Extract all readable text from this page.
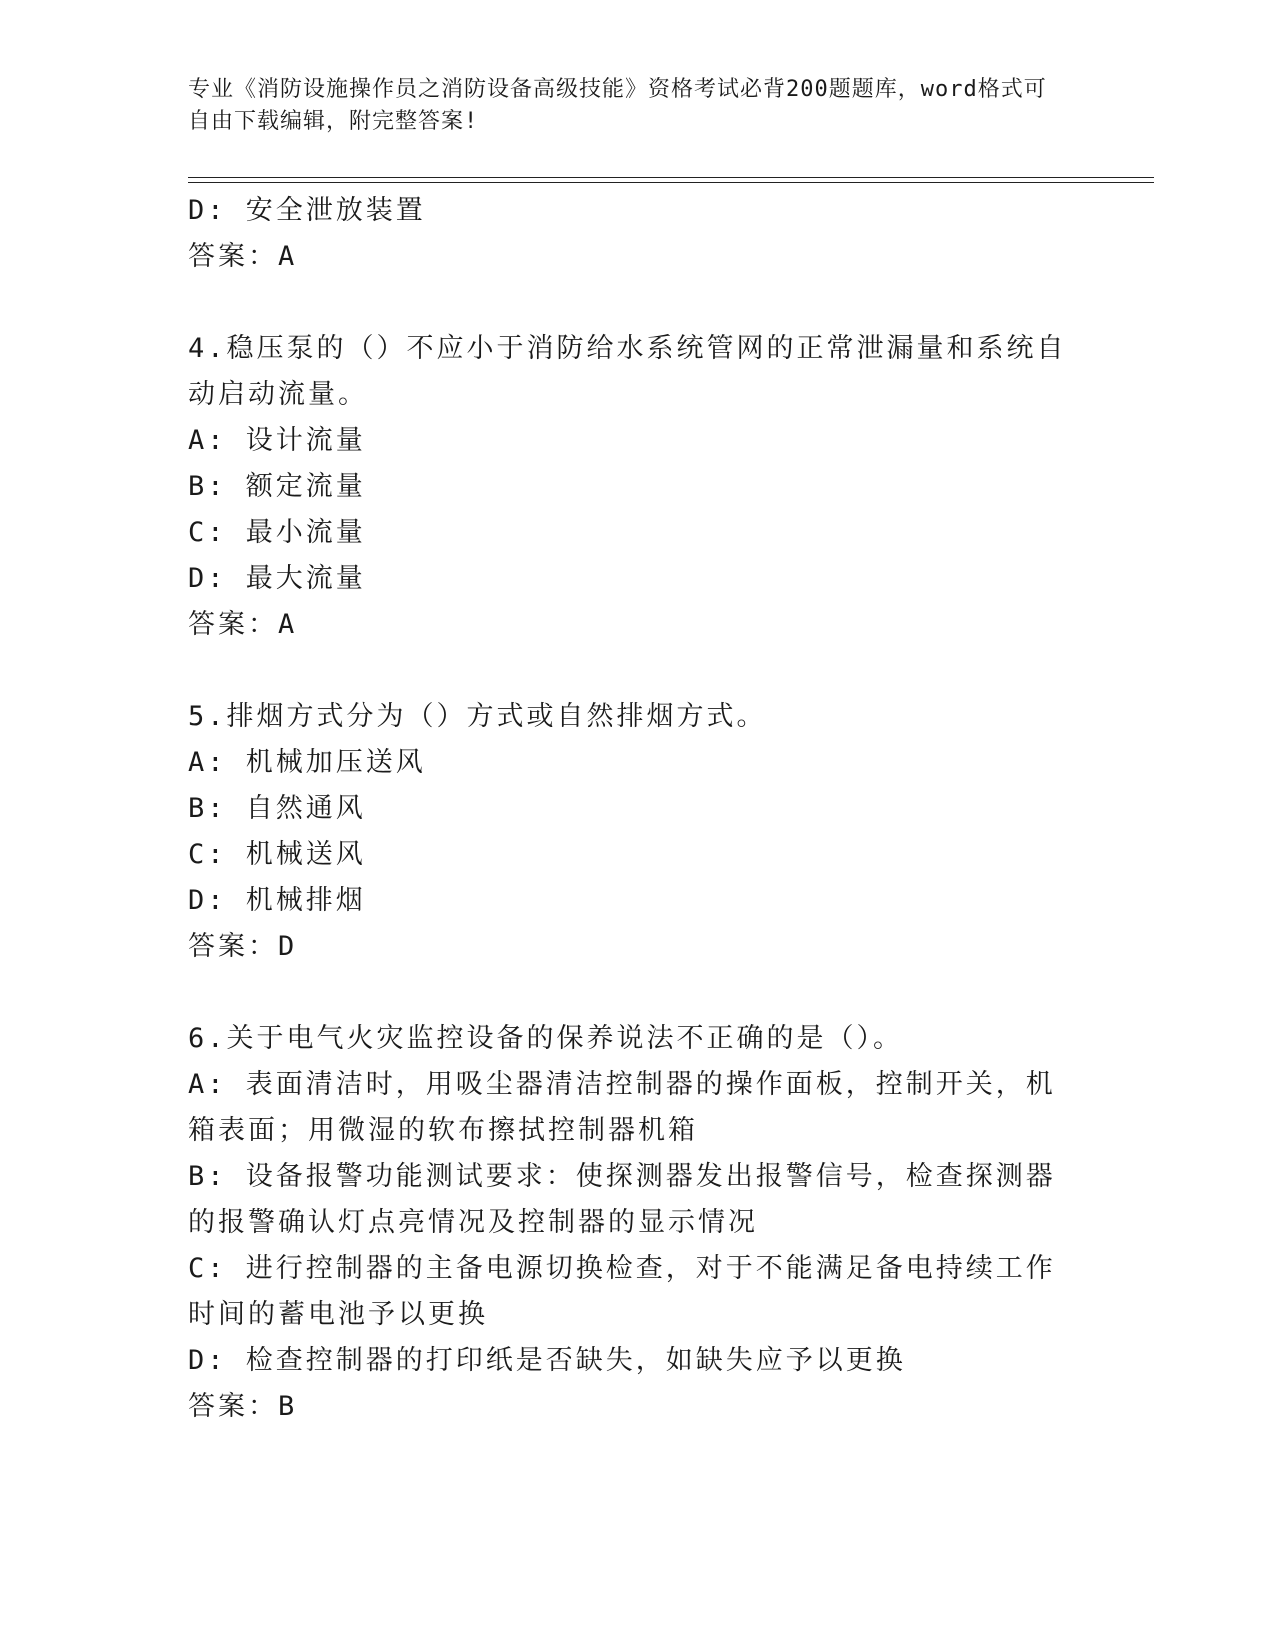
专业《消防设施操作员之消防设备高级技能》资格考试必背200题题库，word格式可自由下载编辑，附完整答案!
D: 安全泄放装置
答案：A
4.稳压泵的（）不应小于消防给水系统管网的正常泄漏量和系统自动启动流量。
A: 设计流量
B: 额定流量
C: 最小流量
D: 最大流量
答案：A
5.排烟方式分为（）方式或自然排烟方式。
A: 机械加压送风
B: 自然通风
C: 机械送风
D: 机械排烟
答案：D
6.关于电气火灾监控设备的保养说法不正确的是（）。
A: 表面清洁时，用吸尘器清洁控制器的操作面板，控制开关，机箱表面；用微湿的软布擦拭控制器机箱
B: 设备报警功能测试要求：使探测器发出报警信号，检查探测器的报警确认灯点亮情况及控制器的显示情况
C: 进行控制器的主备电源切换检查，对于不能满足备电持续工作时间的蓄电池予以更换
D: 检查控制器的打印纸是否缺失，如缺失应予以更换
答案：B
